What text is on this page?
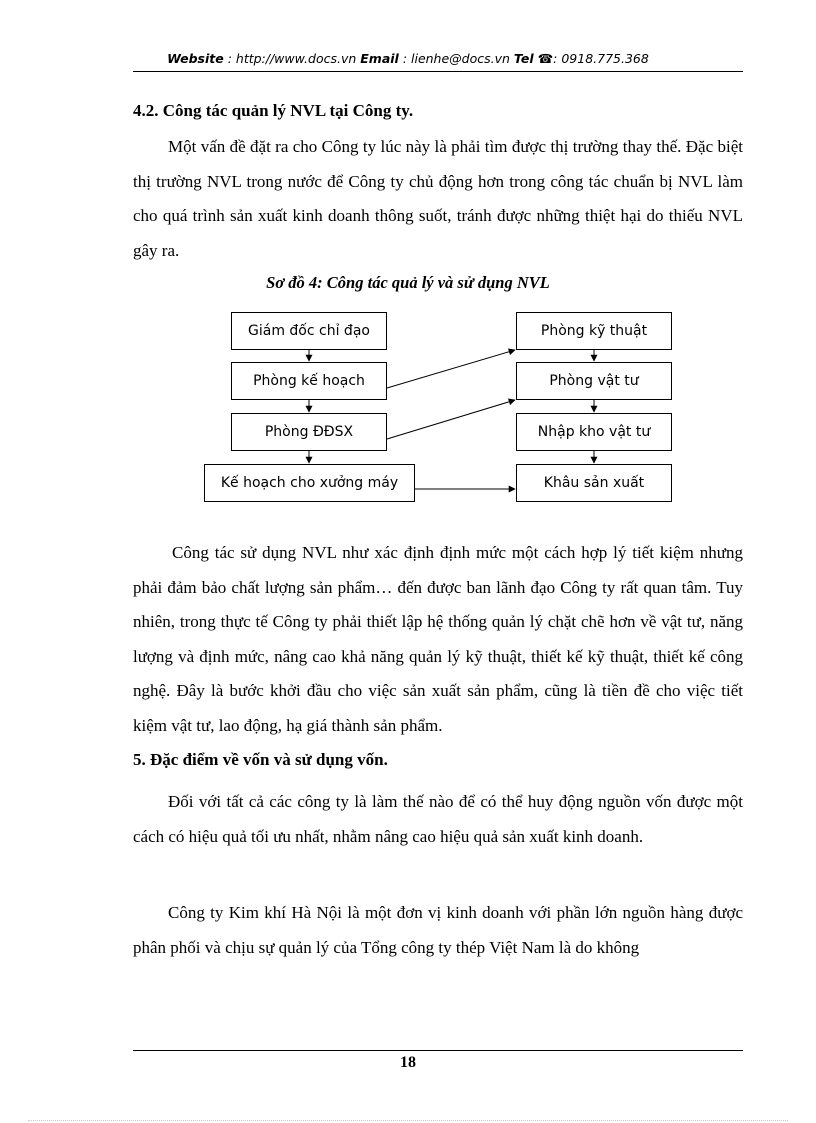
Website : http://www.docs.vn Email : lienhe@docs.vn Tel ☎: 0918.775.368
4.2. Công tác quản lý NVL tại Công ty.

Một vấn đề đặt ra cho Công ty lúc này là phải tìm được thị trường thay thế. Đặc biệt thị trường NVL trong nước để Công ty chủ động hơn trong công tác chuẩn bị NVL làm cho quá trình sản xuất kinh doanh thông suốt, tránh được những thiệt hại do thiếu NVL gây ra.

Sơ đồ 4: Công tác quả lý và sử dụng NVL
Giám đốc chỉ đạo
Phòng kế hoạch
Phòng ĐĐSX
Kế hoạch cho xưởng máy
Phòng kỹ thuật
Phòng vật tư
Nhập kho vật tư
Khâu sản xuất

Công tác sử dụng NVL như xác định định mức một cách hợp lý tiết kiệm nhưng phải đảm bảo chất lượng sản phẩm… đến được ban lãnh đạo Công ty rất quan tâm. Tuy nhiên, trong thực tế Công ty phải thiết lập hệ thống quản lý chặt chẽ hơn về vật tư, năng lượng và định mức, nâng cao khả năng quản lý kỹ thuật, thiết kế kỹ thuật, thiết kế công nghệ. Đây là bước khởi đầu cho việc sản xuất sản phẩm, cũng là tiền đề cho việc tiết kiệm vật tư, lao động, hạ giá thành sản phẩm.

5. Đặc điểm về vốn và sử dụng vốn.

Đối với tất cả các công ty là làm thế nào để có thể huy động nguồn vốn được một cách có hiệu quả tối ưu nhất, nhằm nâng cao hiệu quả sản xuất kinh doanh.

Công ty Kim khí Hà Nội là một đơn vị kinh doanh với phần lớn nguồn hàng được phân phối và chịu sự quản lý của Tổng công ty thép Việt Nam là do không

18
